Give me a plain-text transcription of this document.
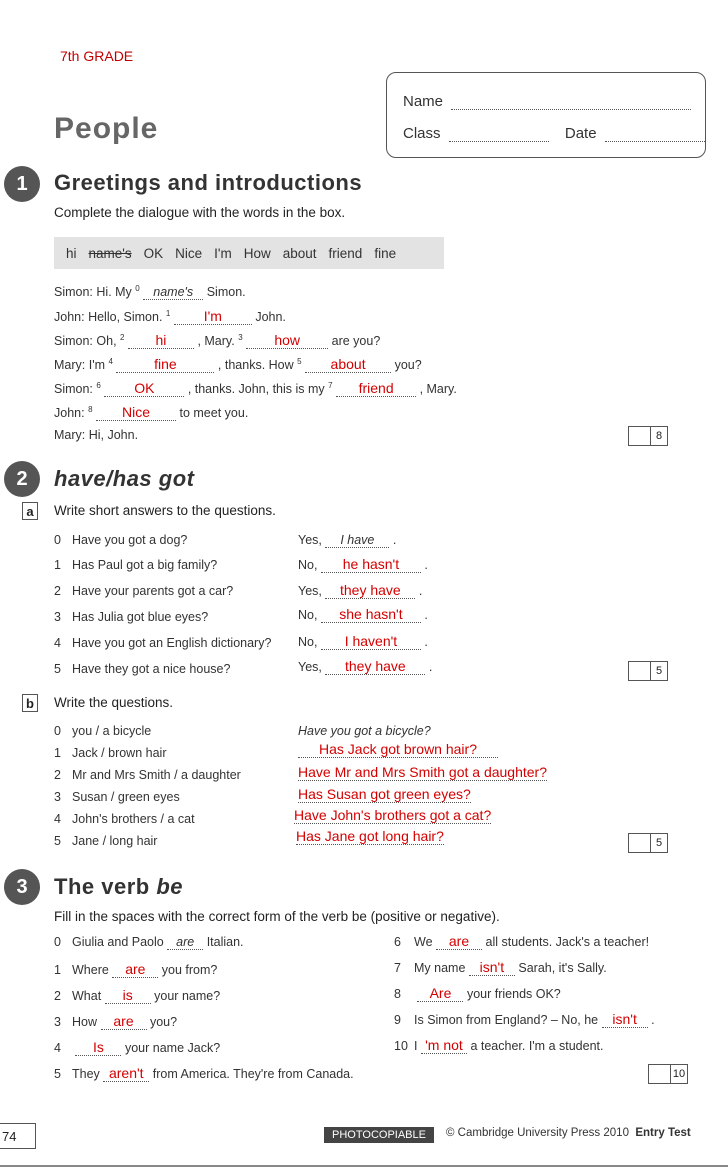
7th GRADE
Name
Class	Date
People
1	Greetings and introductions
Complete the dialogue with the words in the box.
hi name's OK Nice I'm How about friend fine
Simon: Hi. My $^0$ name's Simon.
John: Hello, Simon. $^1$ I'm	John.
Simon: Oh, $^2$ hi , Mary. $^3$ how	are you?
Mary: I'm $^4$	fine	, thanks. How $^5$ about you?
Simon: $^6$ OK	, thanks. John, this is my $^7$ friend , Mary.
John: $^8$ Nice to meet you.
Mary: Hi, John.	8
2	have/has got
a	Write short answers to the questions.
0 Have you got a dog?	Yes, I have .
1 Has Paul got a big family?	No, he hasn't .
2 Have your parents got a car?	Yes, they have .
3 Has Julia got blue eyes?	No, she hasn't .
4 Have you got an English dictionary? No, I haven't .
5 Have they got a nice house?	Yes, they have .	5
b Write the questions.
0 you / a bicycle	Have you got a bicycle?
1 Jack / brown hair	Has Jack got brown hair?
2 Mr and Mrs Smith / a daughter	Have Mr and Mrs Smith got a daughter?
3 Susan / green eyes	Has Susan got green eyes?
4 John's brothers / a cat	Have John's brothers got a cat?
5 Jane / long hair	Has Jane got long hair?	5
3	The verb be
Fill in the spaces with the correct form of the verb be (positive or negative).
0 Giulia and Paolo are Italian.
1 Where are you from?
2 What is your name?
3 How are you?
4 Is your name Jack?
5 They aren't from America. They're from Canada.
6 We are all students. Jack's a teacher!
7 My name isn't Sarah, it's Sally.
8 Are your friends OK?
9 Is Simon from England? – No, he isn't .
10 I 'm not a teacher. I'm a student.
10
74	PHOTOCOPIABLE	© Cambridge University Press 2010 Entry Test
